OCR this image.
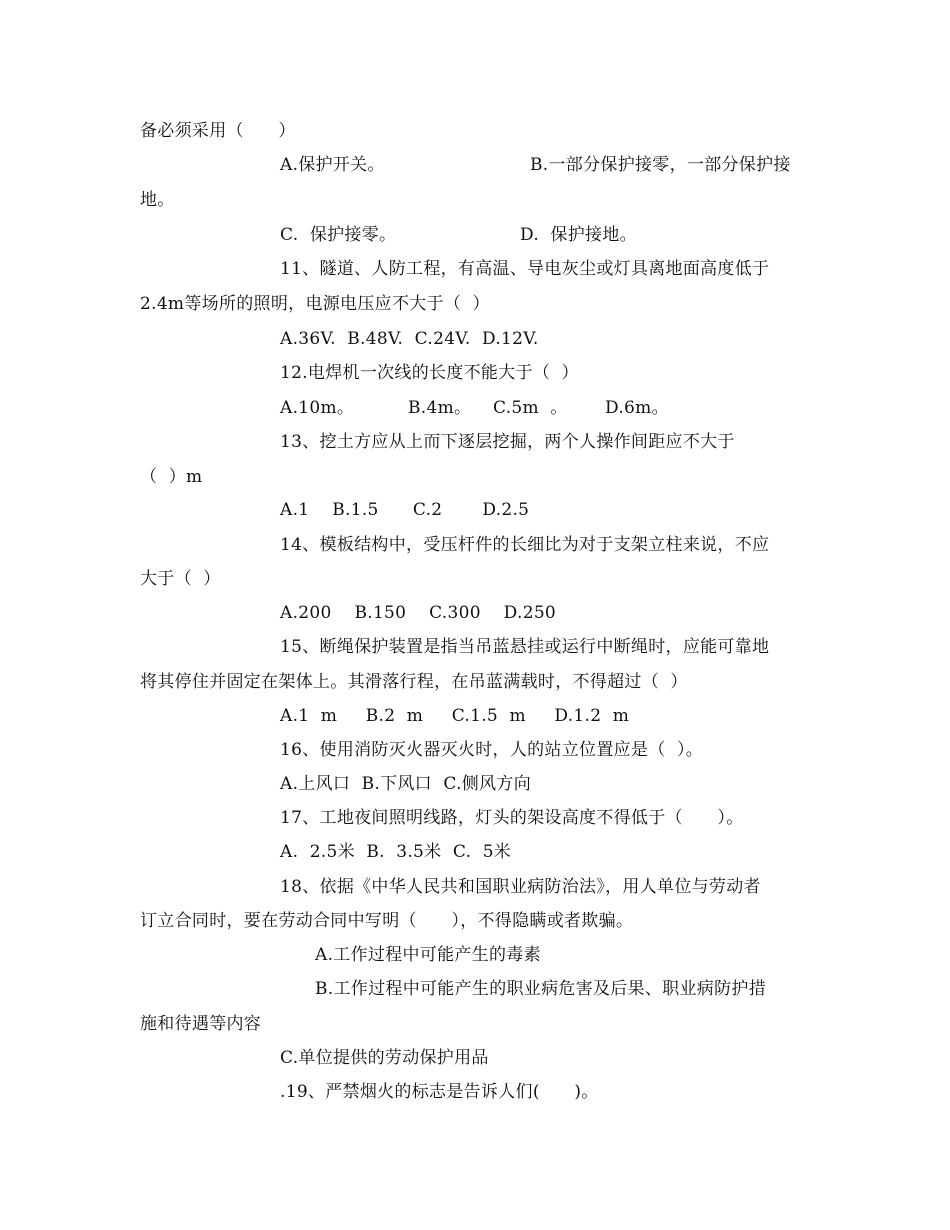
备必须采用（　　）
A.保护开关。	B.一部分保护接零，一部分保护接
地。
C.  保护接零。	D.  保护接地。
11、隧道、人防工程，有高温、导电灰尘或灯具离地面高度低于
2.4m等场所的照明，电源电压应不大于（  ）
A.36V.  B.48V.  C.24V.  D.12V.
12.电焊机一次线的长度不能大于（  ）
A.10m。	B.4m。 C.5m  。 D.6m。
13、挖土方应从上而下逐层挖掘，两个人操作间距应不大于
（  ）m
A.1    B.1.5      C.2       D.2.5
14、模板结构中，受压杆件的长细比为对于支架立柱来说，不应
大于（  ）
A.200    B.150    C.300    D.250
15、断绳保护装置是指当吊蓝悬挂或运行中断绳时，应能可靠地
将其停住并固定在架体上。其滑落行程，在吊蓝满载时，不得超过（  ）
A.1  m     B.2  m     C.1.5  m     D.1.2  m
16、使用消防灭火器灭火时，人的站立位置应是（  ）。
A.上风口  B.下风口  C.侧风方向
17、工地夜间照明线路，灯头的架设高度不得低于（　　）。
A.  2.5米  B.  3.5米  C.  5米
18、依据《中华人民共和国职业病防治法》，用人单位与劳动者
订立合同时，要在劳动合同中写明（　　），不得隐瞒或者欺骗。
A.工作过程中可能产生的毒素
B.工作过程中可能产生的职业病危害及后果、职业病防护措
施和待遇等内容
C.单位提供的劳动保护用品
.19、严禁烟火的标志是告诉人们(　　)。
